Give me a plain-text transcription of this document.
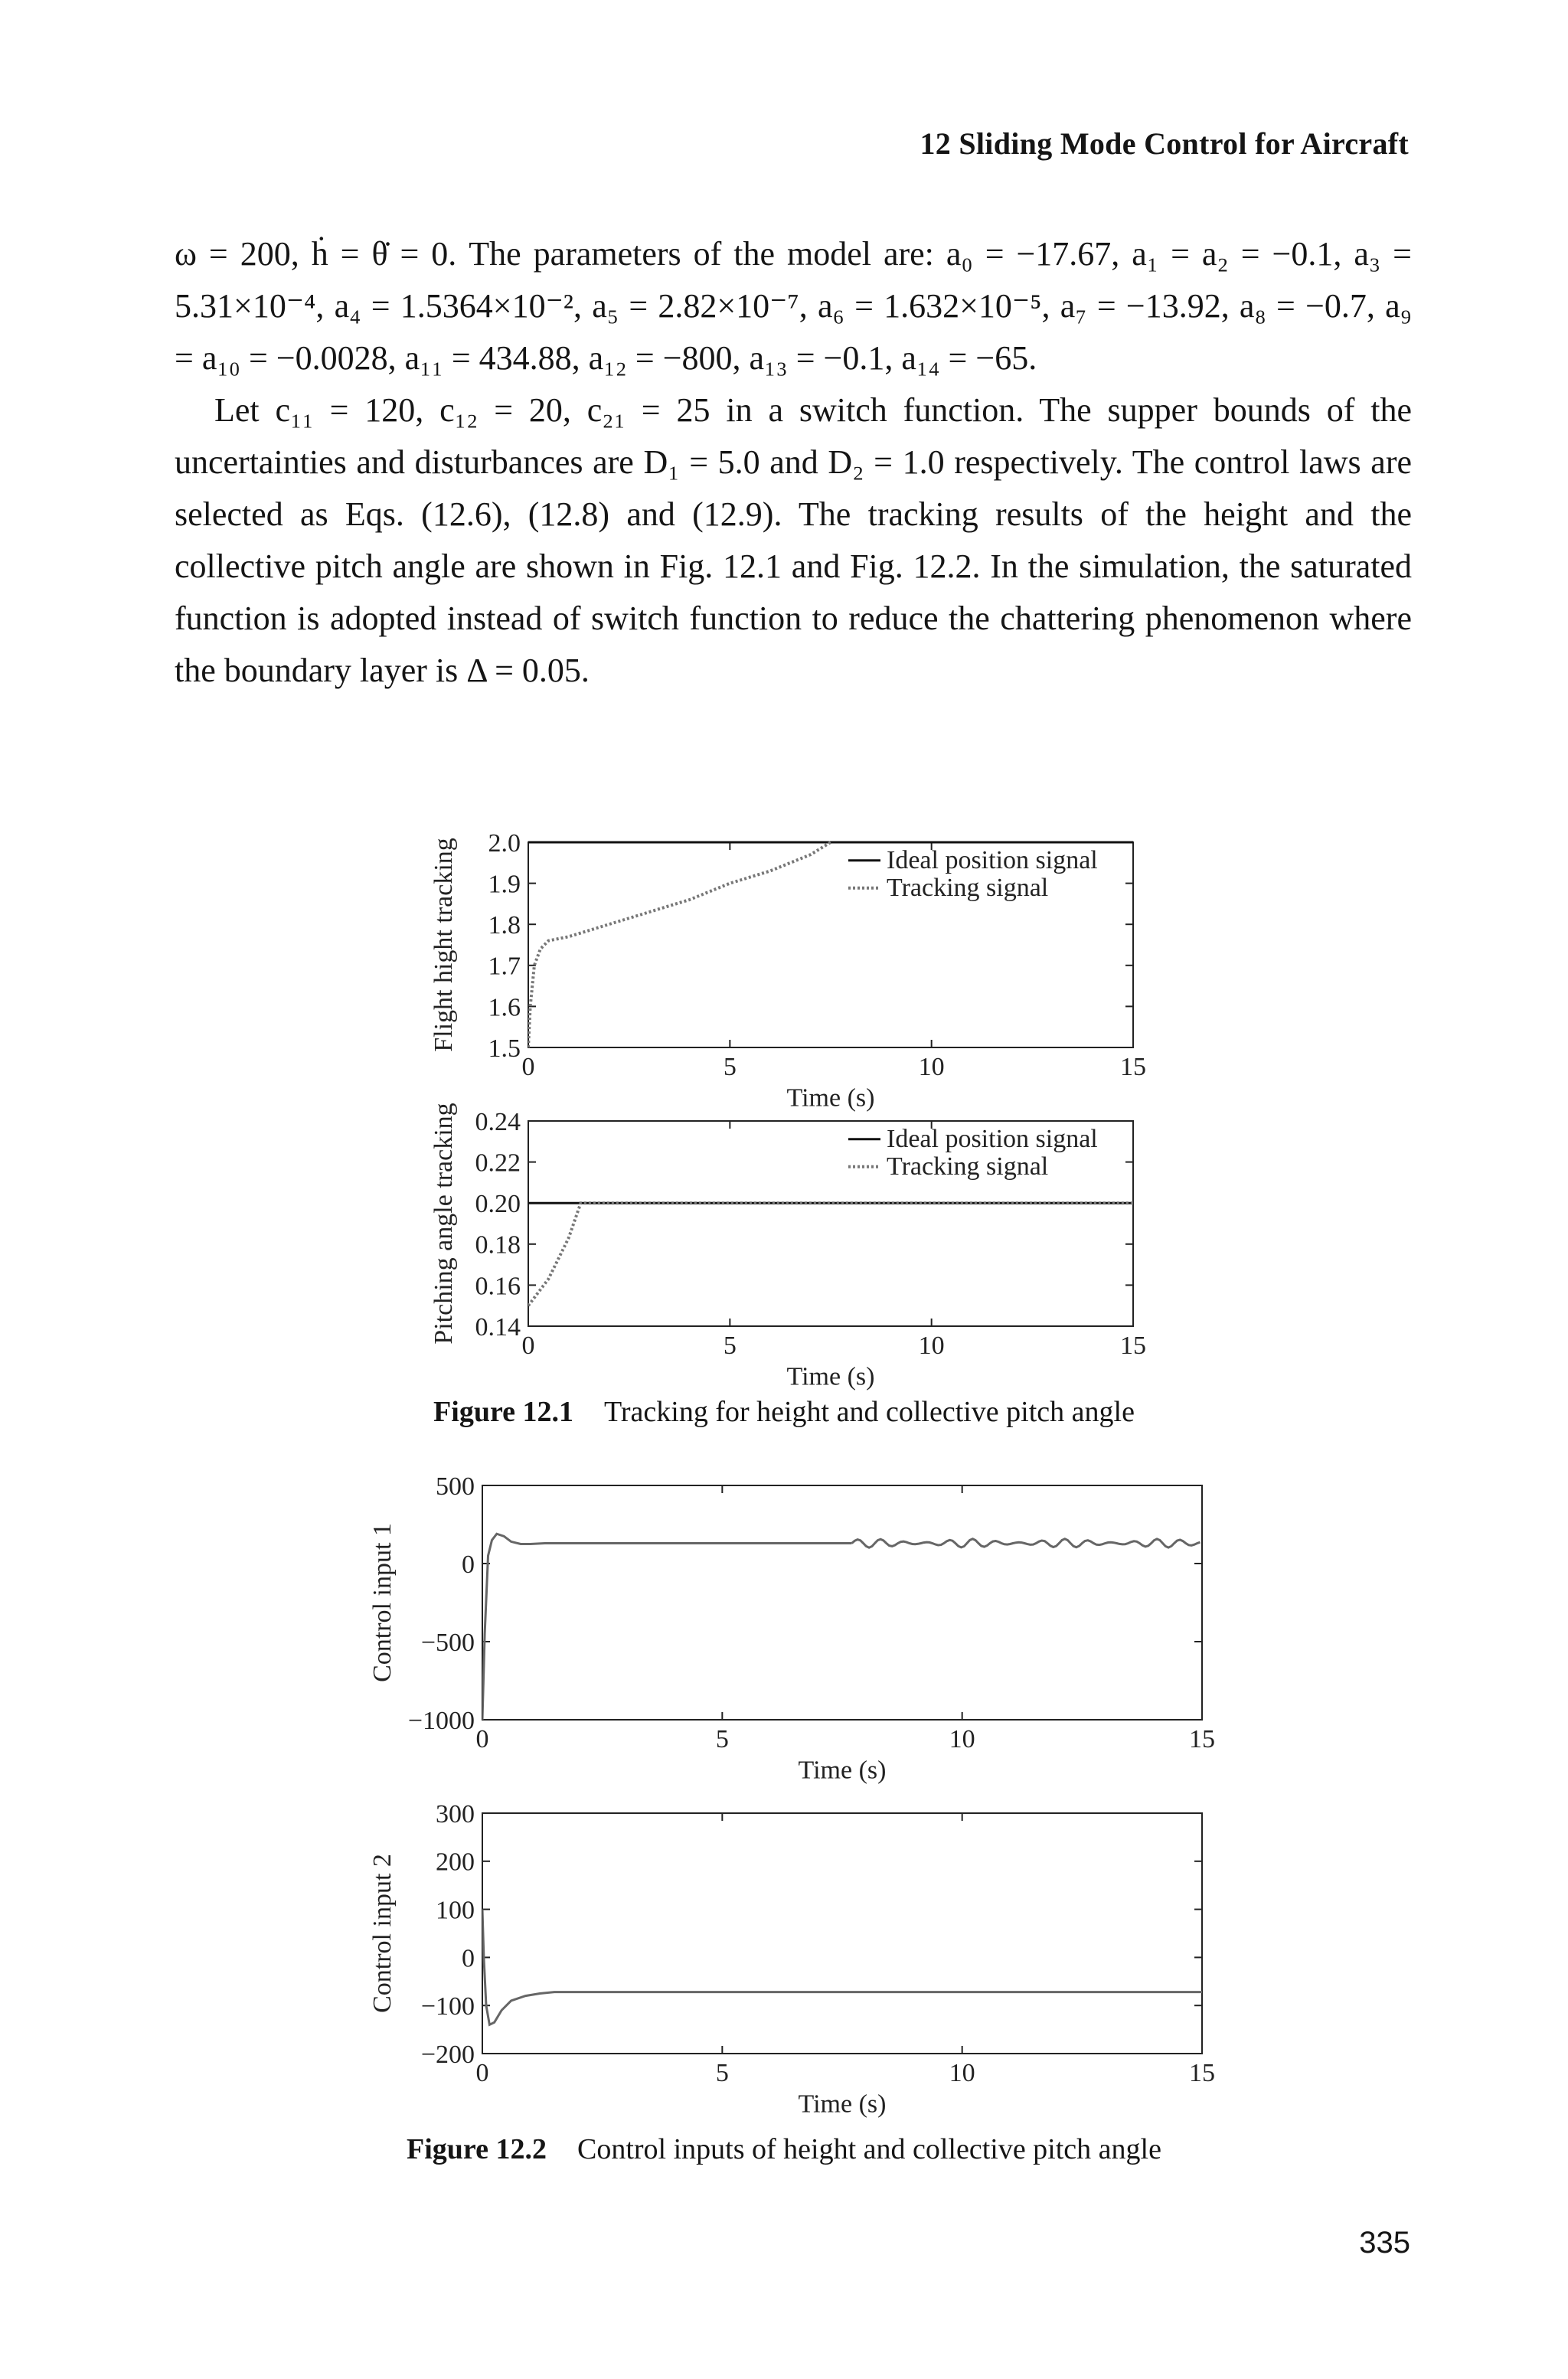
12 Sliding Mode Control for Aircraft

ω = 200, ḣ = θ̇ = 0. The parameters of the model are: a₀ = −17.67, a₁ = a₂ = −0.1, a₃ = 5.31×10⁻⁴, a₄ = 1.5364×10⁻², a₅ = 2.82×10⁻⁷, a₆ = 1.632×10⁻⁵, a₇ = −13.92, a₈ = −0.7, a₉ = a₁₀ = −0.0028, a₁₁ = 434.88, a₁₂ = −800, a₁₃ = −0.1, a₁₄ = −65.

Let c₁₁ = 120, c₁₂ = 20, c₂₁ = 25 in a switch function. The supper bounds of the uncertainties and disturbances are D₁ = 5.0 and D₂ = 1.0 respectively. The control laws are selected as Eqs. (12.6), (12.8) and (12.9). The tracking results of the height and the collective pitch angle are shown in Fig. 12.1 and Fig. 12.2. In the simulation, the saturated function is adopted instead of switch function to reduce the chattering phenomenon where the boundary layer is Δ = 0.05.

0	5	10	15
1.5
1.6
1.7
1.8
1.9
2.0
Time (s)
Flight hight tracking	Ideal position signal
Tracking signal
0	5	10	15
0.14
0.16
0.18
0.20
0.22
0.24
Time (s)
Pitching angle tracking	Ideal position signal
Tracking signal
Figure 12.1 Tracking for height and collective pitch angle
0	5	10	15
−1000
−500
0
500
Time (s)
Control input 1
0	5	10	15
−200
−100
0
100
200
300
Time (s)
Control input 2
Figure 12.2 Control inputs of height and collective pitch angle
335
